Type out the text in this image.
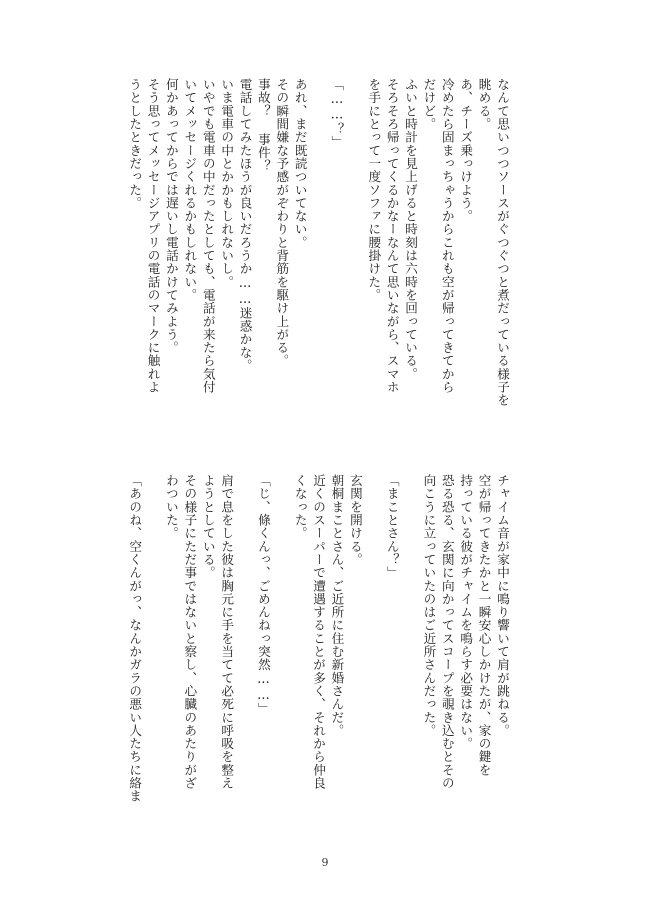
なんて思いつつソースがぐつぐつと煮だっている様子を
眺める。
あ、チーズ乗っけよう。
冷めたら固まっちゃうからこれも空が帰ってきてから
だけど。
ふいと時計を見上げると時刻は六時を回っている。
そろそろ帰ってくるかなーなんて思いながら、スマホ
を手にとって一度ソファに腰掛けた。
「……？」
あれ、まだ既読ついてない。
その瞬間嫌な予感がぞわりと背筋を駆け上がる。
事故？ 事件？
電話してみたほうが良いだろうか……迷惑かな。
いま電車の中とかかもしれないし。
いやでも電車の中だったとしても、電話が来たら気付
いてメッセージくれるかもしれない。
何かあってからでは遅いし電話かけてみよう。
そう思ってメッセージアプリの電話のマークに触れよ
うとしたときだった。
チャイム音が家中に鳴り響いて肩が跳ねる。
空が帰ってきたかと一瞬安心しかけたが、家の鍵を
持っている彼がチャイムを鳴らす必要はない。
恐る恐る、玄関に向かってスコープを覗き込むとその
向こうに立っていたのはご近所さんだった。
「まことさん？」
玄関を開ける。
朝桐まことさん、ご近所に住む新婚さんだ。
近くのスーパーで遭遇することが多く、それから仲良
くなった。
「じ、條くんっ、ごめんねっ突然……」
肩で息をした彼は胸元に手を当てて必死に呼吸を整え
ようとしている。
その様子にただ事ではないと察し、心臓のあたりがざ
わついた。
「あのね、空くんがっ、なんかガラの悪い人たちに絡ま
9
